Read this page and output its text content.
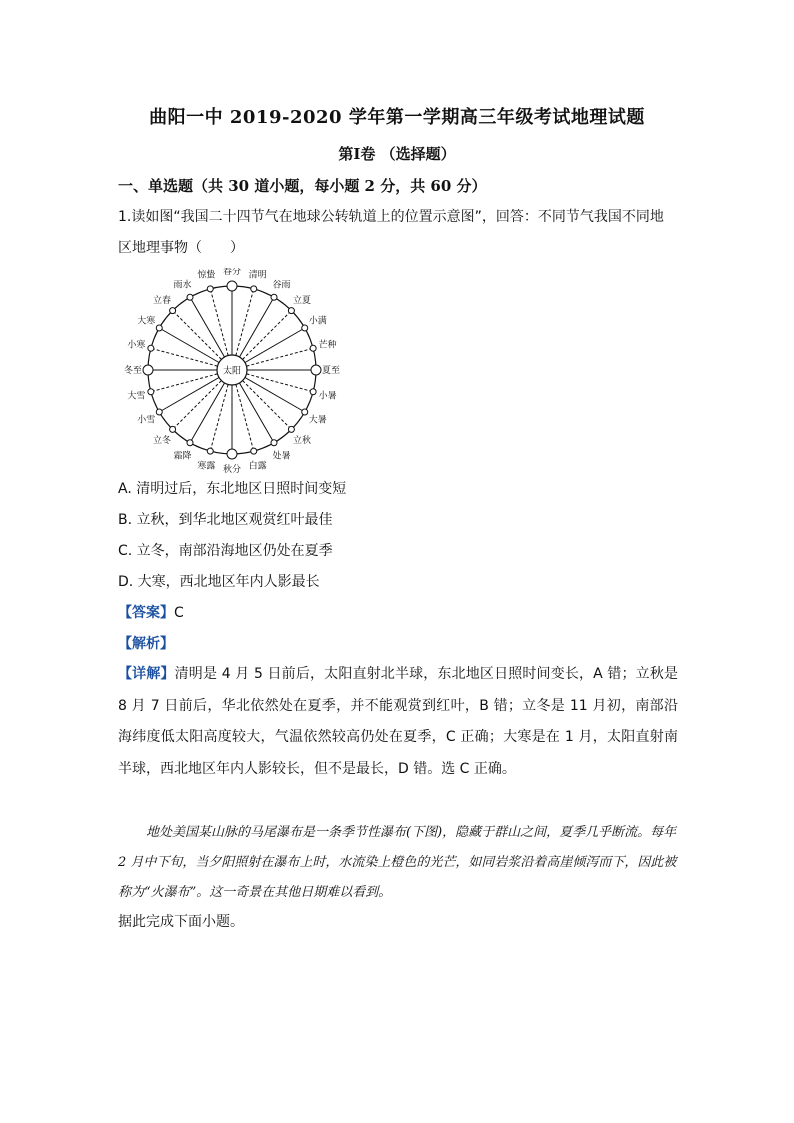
曲阳一中 2019-2020 学年第一学期高三年级考试地理试题
第Ⅰ卷 （选择题）
一、单选题（共 30 道小题，每小题 2 分，共 60 分）
1.读如图“我国二十四节气在地球公转轨道上的位置示意图”，回答：不同节气我国不同地
区地理事物（　　）
春分 清明
谷雨
立夏
小满
芒种
夏至
小暑
大暑
立秋
处暑
白露
秋分
寒露
霜降
立冬
小雪
大雪
冬至
小寒
大寒
立春
雨水
惊蛰
太阳
A. 清明过后，东北地区日照时间变短
B. 立秋，到华北地区观赏红叶最佳
C. 立冬，南部沿海地区仍处在夏季
D. 大寒，西北地区年内人影最长
【答案】C
【解析】
【详解】清明是 4 月 5 日前后，太阳直射北半球，东北地区日照时间变长，A 错；立秋是 8 月 7 日前后，华北依然处在夏季，并不能观赏到红叶，B 错；立冬是 11 月初，南部沿海纬度低太阳高度较大，气温依然较高仍处在夏季，C 正确；大寒是在 1 月，太阳直射南半球，西北地区年内人影较长，但不是最长，D 错。选 C 正确。
地处美国某山脉的马尾瀑布是一条季节性瀑布(下图)，隐藏于群山之间，夏季几乎断流。每年 2 月中下旬，当夕阳照射在瀑布上时，水流染上橙色的光芒，如同岩浆沿着高崖倾泻而下，因此被称为“火瀑布”。这一奇景在其他日期难以看到。
据此完成下面小题。
